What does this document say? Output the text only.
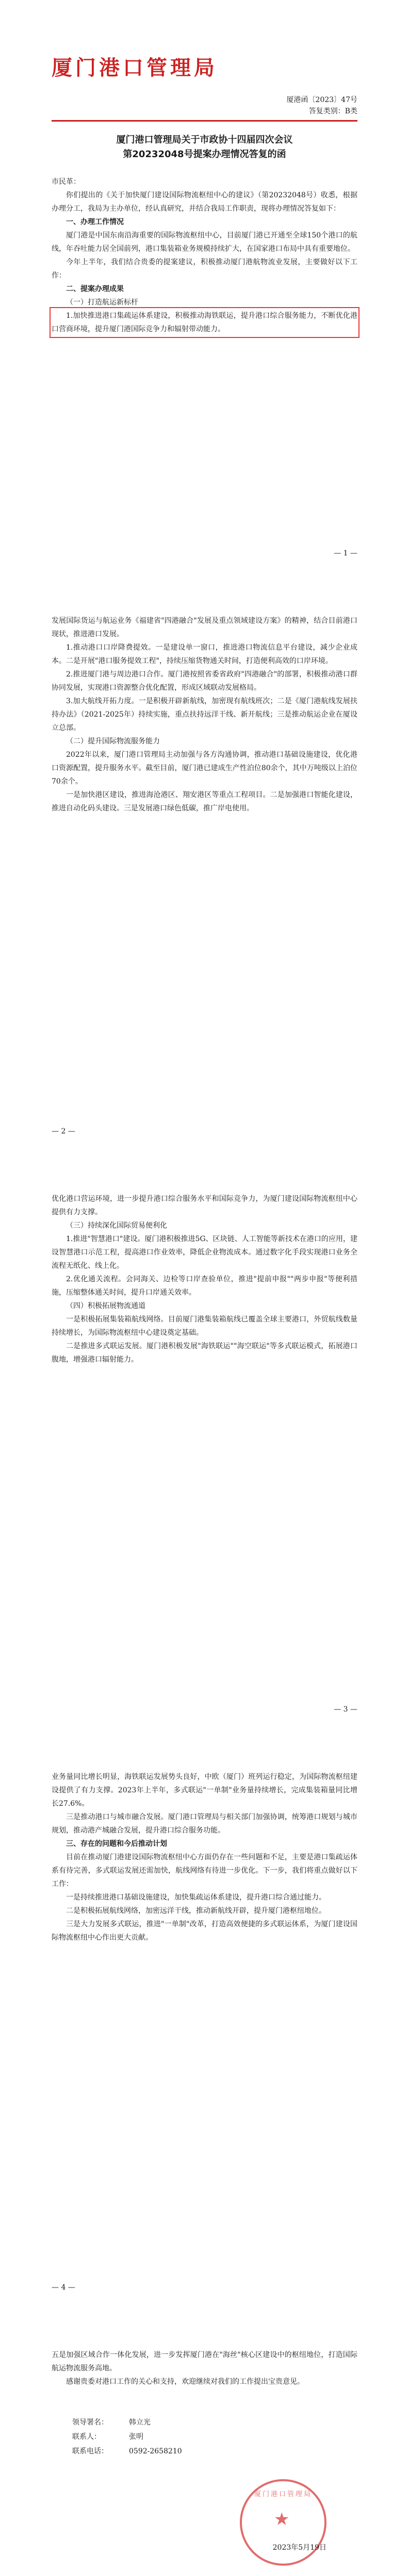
厦门港口管理局
厦港函〔2023〕47号
答复类别：B类
厦门港口管理局关于市政协十四届四次会议
第20232048号提案办理情况答复的函

市民革：

你们提出的《关于加快厦门建设国际物流枢纽中心的建议》（第20232048号）收悉，根据办理分工，我局为主办单位，经认真研究，并结合我局工作职责，现将办理情况答复如下：

一、办理工作情况

厦门港是中国东南沿海重要的国际物流枢纽中心，目前厦门港已开通至全球150个港口的航线，年吞吐能力居全国前列，港口集装箱业务规模持续扩大，在国家港口布局中具有重要地位。

今年上半年，我们结合贵委的提案建议，积极推动厦门港航物流业发展，主要做好以下工作：

二、提案办理成果

（一）打造航运新标杆

1.加快推进港口集疏运体系建设，积极推动海铁联运，提升港口综合服务能力，不断优化港口营商环境，提升厦门港国际竞争力和辐射带动能力。

— 1 —

发展国际货运与航运业务《福建省"四港融合"发展及重点领域建设方案》的精神，结合目前港口现状，推进港口发展。

1.推动港口口岸降费提效。一是建设单一窗口，推进港口物流信息平台建设，减少企业成本。二是开展"港口服务提效工程"，持续压缩货物通关时间，打造便利高效的口岸环境。

2.推进厦门港与周边港口合作。厦门港按照省委省政府"四港融合"的部署，积极推动港口群协同发展，实现港口资源整合优化配置，形成区域联动发展格局。

3.加大航线开拓力度。一是积极开辟新航线，加密现有航线班次；二是《厦门港航线发展扶持办法》（2021-2025年）持续实施，重点扶持远洋干线、新开航线；三是推动航运企业在厦设立总部。

（二）提升国际物流服务能力

2022年以来，厦门港口管理局主动加强与各方沟通协调，推动港口基础设施建设，优化港口资源配置，提升服务水平。截至目前，厦门港已建成生产性泊位80余个，其中万吨级以上泊位70余个。

一是加快港区建设，推进海沧港区、翔安港区等重点工程项目。二是加强港口智能化建设，推进自动化码头建设。三是发展港口绿色低碳，推广岸电使用。

— 2 —

优化港口营运环境，进一步提升港口综合服务水平和国际竞争力，为厦门建设国际物流枢纽中心提供有力支撑。

（三）持续深化国际贸易便利化

1.推进"智慧港口"建设。厦门港积极推进5G、区块链、人工智能等新技术在港口的应用，建设智慧港口示范工程，提高港口作业效率，降低企业物流成本。通过数字化手段实现港口业务全流程无纸化、线上化。

2.优化通关流程。会同海关、边检等口岸查验单位，推进"提前申报""两步申报"等便利措施，压缩整体通关时间，提升口岸通关效率。

（四）积极拓展物流通道

一是积极拓展集装箱航线网络。目前厦门港集装箱航线已覆盖全球主要港口，外贸航线数量持续增长，为国际物流枢纽中心建设奠定基础。

二是推进多式联运发展。厦门港积极发展"海铁联运""海空联运"等多式联运模式，拓展港口腹地，增强港口辐射能力。

— 3 —

业务量同比增长明显，海铁联运发展势头良好，中欧（厦门）班列运行稳定，为国际物流枢纽建设提供了有力支撑。2023年上半年，多式联运"一单制"业务量持续增长，完成集装箱量同比增长27.6%。

三是推动港口与城市融合发展。厦门港口管理局与相关部门加强协调，统筹港口规划与城市规划，推动港产城融合发展，提升港口综合服务功能。

三、存在的问题和今后推动计划

目前在推动厦门港建设国际物流枢纽中心方面仍存在一些问题和不足，主要是港口集疏运体系有待完善，多式联运发展还需加快，航线网络有待进一步优化。下一步，我们将重点做好以下工作：

一是持续推进港口基础设施建设，加快集疏运体系建设，提升港口综合通过能力。

二是积极拓展航线网络，加密远洋干线，推动新航线开辟，提升厦门港枢纽地位。

三是大力发展多式联运，推进"一单制"改革，打造高效便捷的多式联运体系，为厦门建设国际物流枢纽中心作出更大贡献。

— 4 —

五是加强区域合作一体化发展，进一步发挥厦门港在"海丝"核心区建设中的枢纽地位，打造国际航运物流服务高地。

感谢贵委对港口工作的关心和支持，欢迎继续对我们的工作提出宝贵意见。

领导署名：	韩立光
联系人：	张明
联系电话：	0592-2658210
厦门港口管理局
★
2023年5月19日
